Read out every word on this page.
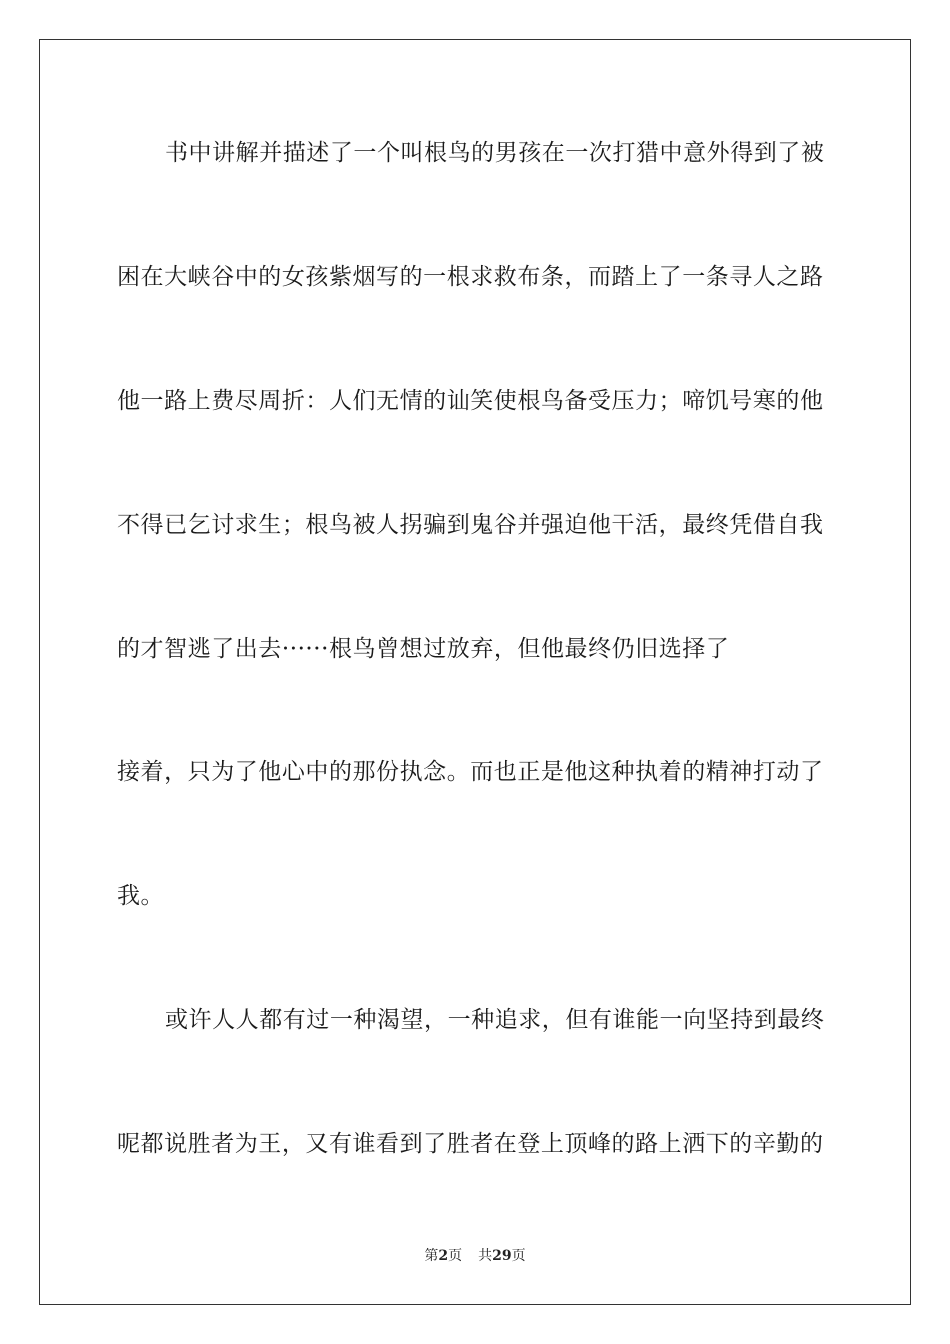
书中讲解并描述了一个叫根鸟的男孩在一次打猎中意外得到了被
困在大峡谷中的女孩紫烟写的一根求救布条，而踏上了一条寻人之路
他一路上费尽周折：人们无情的讪笑使根鸟备受压力；啼饥号寒的他
不得已乞讨求生；根鸟被人拐骗到鬼谷并强迫他干活，最终凭借自我
的才智逃了出去······根鸟曾想过放弃，但他最终仍旧选择了
接着，只为了他心中的那份执念。而也正是他这种执着的精神打动了
我。
或许人人都有过一种渴望，一种追求，但有谁能一向坚持到最终
呢都说胜者为王，又有谁看到了胜者在登上顶峰的路上洒下的辛勤的
第2页 共29页
